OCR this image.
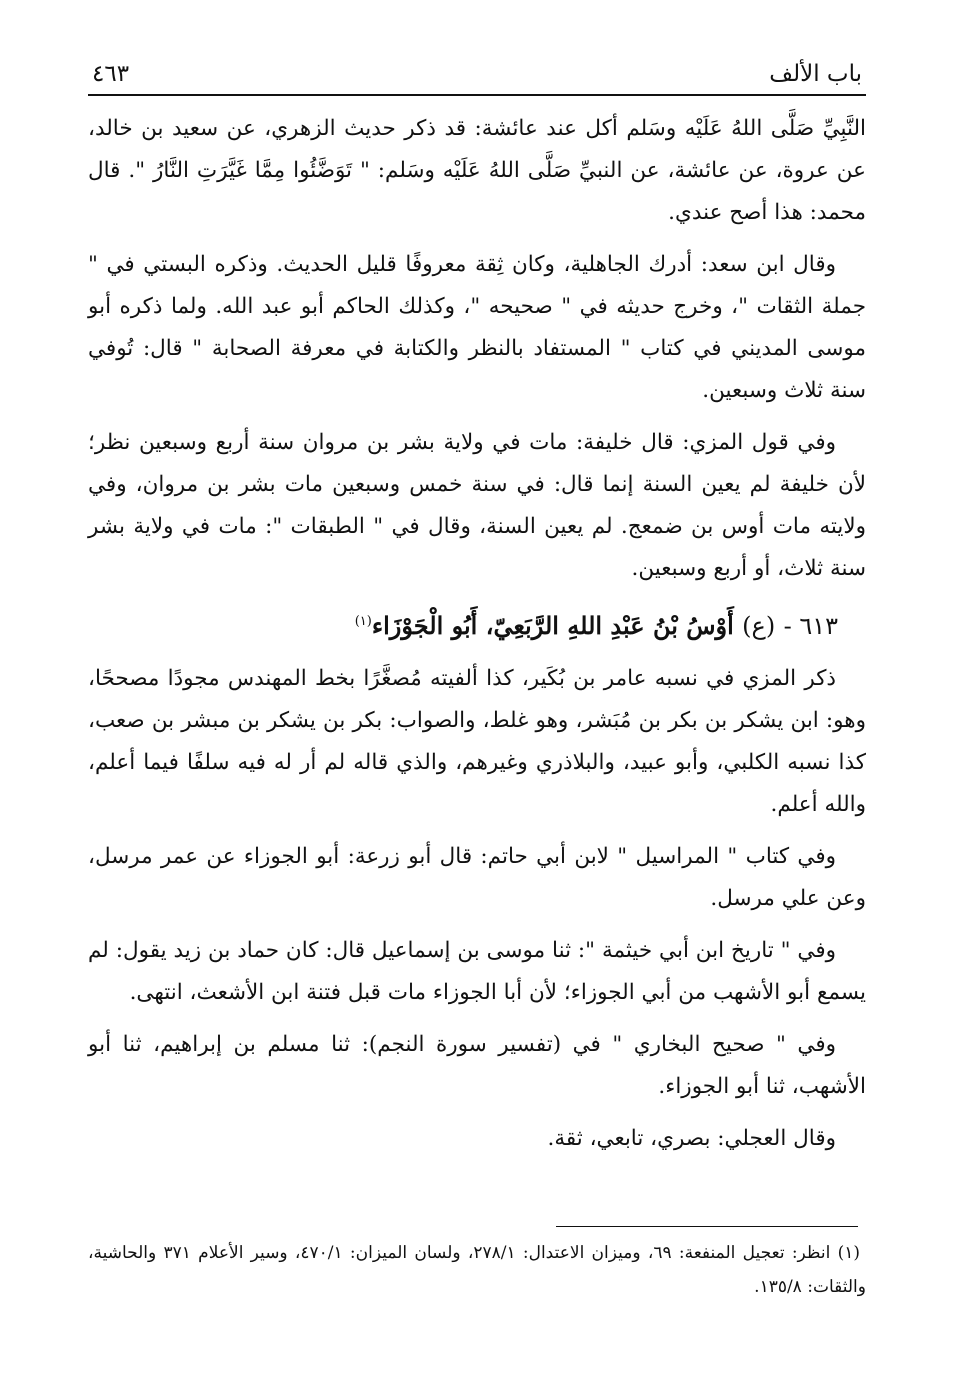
باب الألف
٤٦٣

النَّبِيِّ صَلَّى اللهُ عَلَيْه وسَلم أكل عند عائشة: قد ذكر حديث الزهري، عن سعيد بن خالد، عن عروة، عن عائشة، عن النبيِّ صَلَّى اللهُ عَلَيْه وسَلم: " تَوَضَّئُوا مِمَّا غَيَّرَتِ النَّارُ ". قال محمد: هذا أصح عندي.

وقال ابن سعد: أدرك الجاهلية، وكان ثِقة معروفًا قليل الحديث. وذكره البستي في " جملة الثقات "، وخرج حديثه في " صحيحه "، وكذلك الحاكم أبو عبد الله. ولما ذكره أبو موسى المديني في كتاب " المستفاد بالنظر والكتابة في معرفة الصحابة " قال: تُوفي سنة ثلاث وسبعين.

وفي قول المزي: قال خليفة: مات في ولاية بشر بن مروان سنة أربع وسبعين نظر؛ لأن خليفة لم يعين السنة إنما قال: في سنة خمس وسبعين مات بشر بن مروان، وفي ولايته مات أوس بن ضمعج. لم يعين السنة، وقال في " الطبقات ": مات في ولاية بشر سنة ثلاث، أو أربع وسبعين.

٦١٣ - (ع) أَوْسُ بْنُ عَبْدِ اللهِ الرَّبَعِيّ، أَبُو الْجَوْزَاء$^{(١)}$

ذكر المزي في نسبه عامر بن بُكَير، كذا ألفيته مُصغَّرًا بخط المهندس مجودًا مصححًا، وهو: ابن يشكر بن بكر بن مُبَشر، وهو غلط، والصواب: بكر بن يشكر بن مبشر بن صعب، كذا نسبه الكلبي، وأبو عبيد، والبلاذري وغيرهم، والذي قاله لم أر له فيه سلفًا فيما أعلم، والله أعلم.

وفي كتاب " المراسيل " لابن أبي حاتم: قال أبو زرعة: أبو الجوزاء عن عمر مرسل، وعن علي مرسل.

وفي " تاريخ ابن أبي خيثمة ": ثنا موسى بن إسماعيل قال: كان حماد بن زيد يقول: لم يسمع أبو الأشهب من أبي الجوزاء؛ لأن أبا الجوزاء مات قبل فتنة ابن الأشعث، انتهى.

وفي " صحيح البخاري " في (تفسير سورة النجم): ثنا مسلم بن إبراهيم، ثنا أبو الأشهب، ثنا أبو الجوزاء.

وقال العجلي: بصري، تابعي، ثقة.

(١) انظر: تعجيل المنفعة: ٦٩، وميزان الاعتدال: ٢٧٨/١، ولسان الميزان: ٤٧٠/١، وسير الأعلام ٣٧١ والحاشية، والثقات: ١٣٥/٨.
